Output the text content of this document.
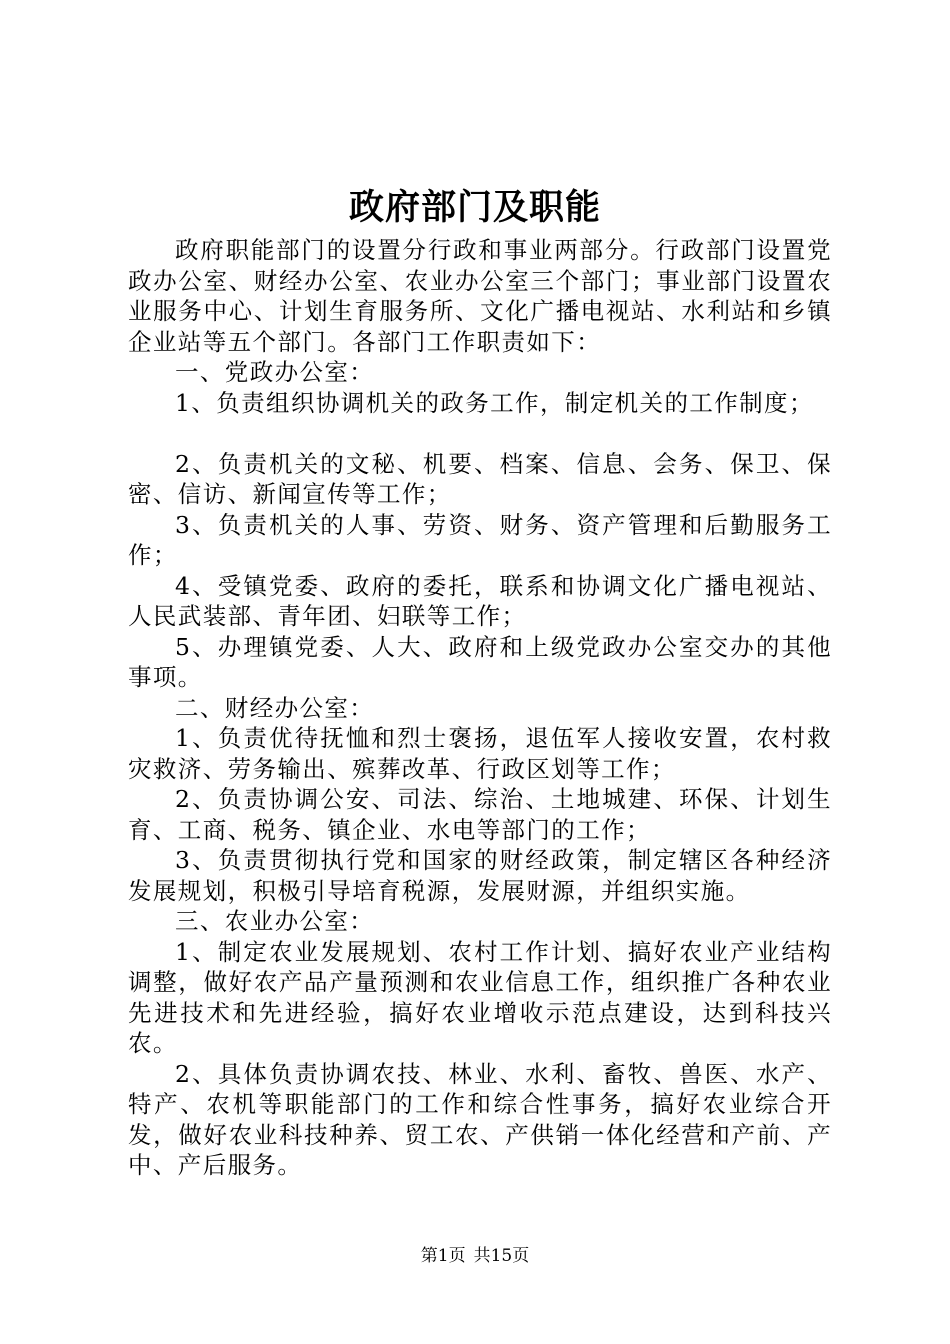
政府部门及职能

政府职能部门的设置分行政和事业两部分。行政部门设置党政办公室、财经办公室、农业办公室三个部门；事业部门设置农业服务中心、计划生育服务所、文化广播电视站、水利站和乡镇企业站等五个部门。各部门工作职责如下：

一、党政办公室：

1、负责组织协调机关的政务工作，制定机关的工作制度；

2、负责机关的文秘、机要、档案、信息、会务、保卫、保密、信访、新闻宣传等工作；

3、负责机关的人事、劳资、财务、资产管理和后勤服务工作；

4、受镇党委、政府的委托，联系和协调文化广播电视站、人民武装部、青年团、妇联等工作；

5、办理镇党委、人大、政府和上级党政办公室交办的其他事项。

二、财经办公室：

1、负责优待抚恤和烈士褒扬，退伍军人接收安置，农村救灾救济、劳务输出、殡葬改革、行政区划等工作；

2、负责协调公安、司法、综治、土地城建、环保、计划生育、工商、税务、镇企业、水电等部门的工作；

3、负责贯彻执行党和国家的财经政策，制定辖区各种经济发展规划，积极引导培育税源，发展财源，并组织实施。

三、农业办公室：

1、制定农业发展规划、农村工作计划、搞好农业产业结构调整，做好农产品产量预测和农业信息工作，组织推广各种农业先进技术和先进经验，搞好农业增收示范点建设，达到科技兴农。

2、具体负责协调农技、林业、水利、畜牧、兽医、水产、特产、农机等职能部门的工作和综合性事务，搞好农业综合开发，做好农业科技种养、贸工农、产供销一体化经营和产前、产中、产后服务。

第1页 共15页
